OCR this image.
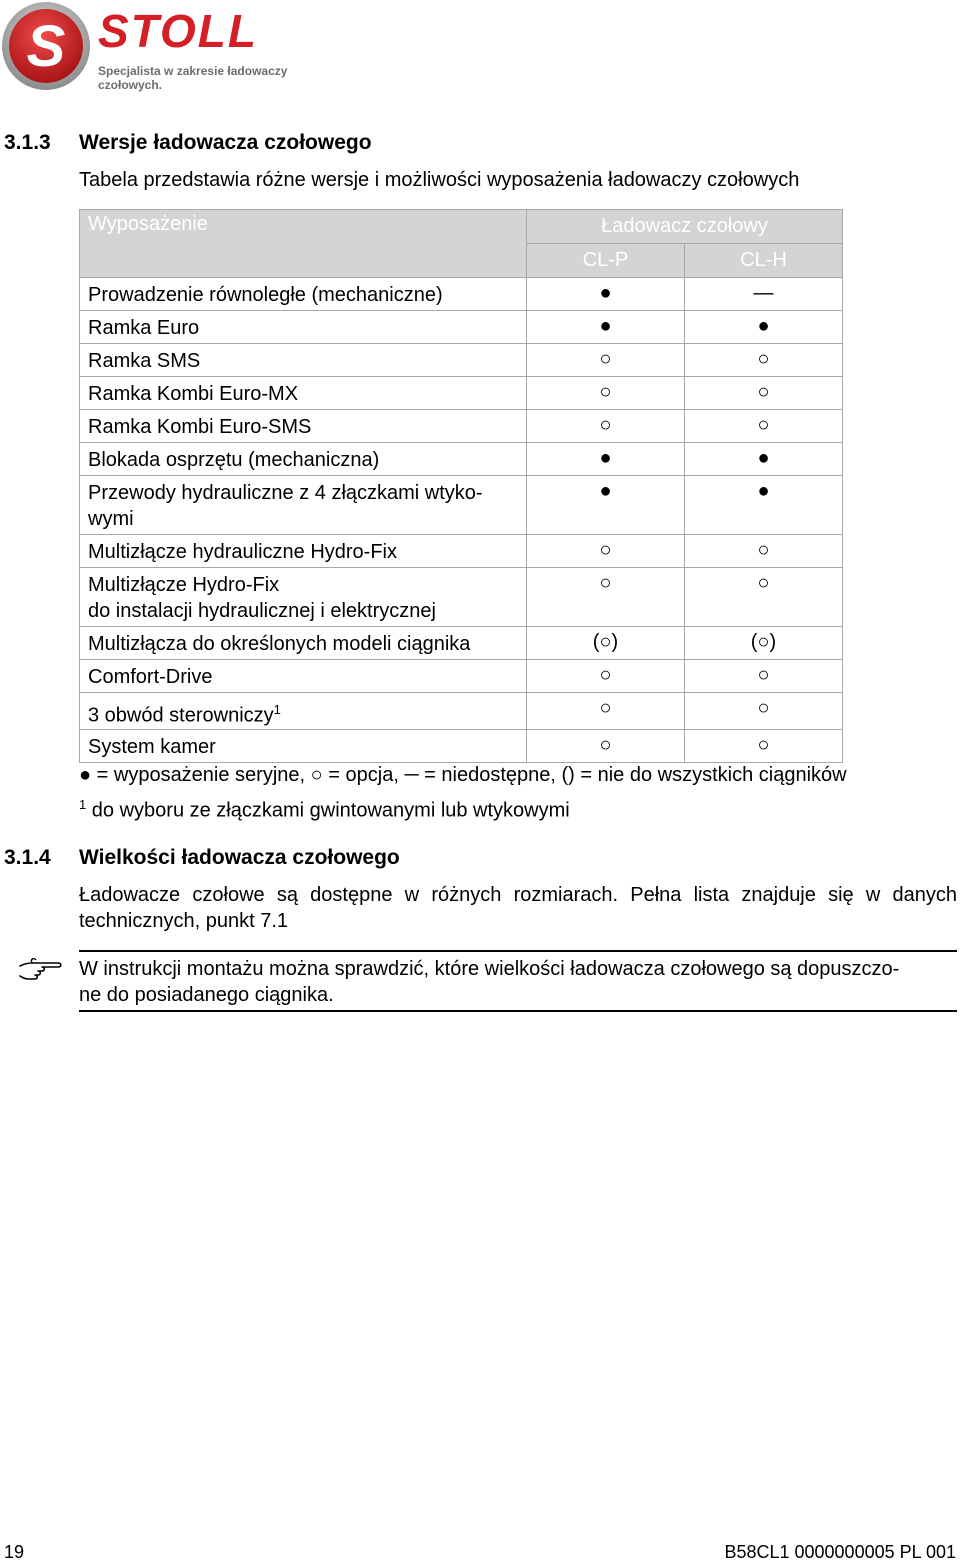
S STOLL
Specjalista w zakresie ładowaczy czołowych.
3.1.3 Wersje ładowacza czołowego
Tabela przedstawia różne wersje i możliwości wyposażenia ładowaczy czołowych
Wyposażenie	Ładowacz czołowy	
	CL-P	CL-H
Prowadzenie równoległe (mechaniczne)	●	—
Ramka Euro	●	●
Ramka SMS	○	○
Ramka Kombi Euro-MX	○	○
Ramka Kombi Euro-SMS	○	○
Blokada osprzętu (mechaniczna)	●	●
Przewody hydrauliczne z 4 złączkami wtyko-
wymi	●	●
Multizłącze hydrauliczne Hydro-Fix	○	○
Multizłącze Hydro-Fix
do instalacji hydraulicznej i elektrycznej	○	○
Multizłącza do określonych modeli ciągnika	(○)	(○)
Comfort-Drive	○	○
3 obwód sterowniczy$^1$	○	○
System kamer	○	○
● = wyposażenie seryjne, ○ = opcja, ─ = niedostępne, () = nie do wszystkich ciągników
$^1$ do wyboru ze złączkami gwintowanymi lub wtykowymi
3.1.4 Wielkości ładowacza czołowego
Ładowacze czołowe są dostępne w różnych rozmiarach. Pełna lista znajduje się w danych
technicznych, punkt 7.1
W instrukcji montażu można sprawdzić, które wielkości ładowacza czołowego są dopuszczo-
ne do posiadanego ciągnika.
19	B58CL1 0000000005 PL 001
